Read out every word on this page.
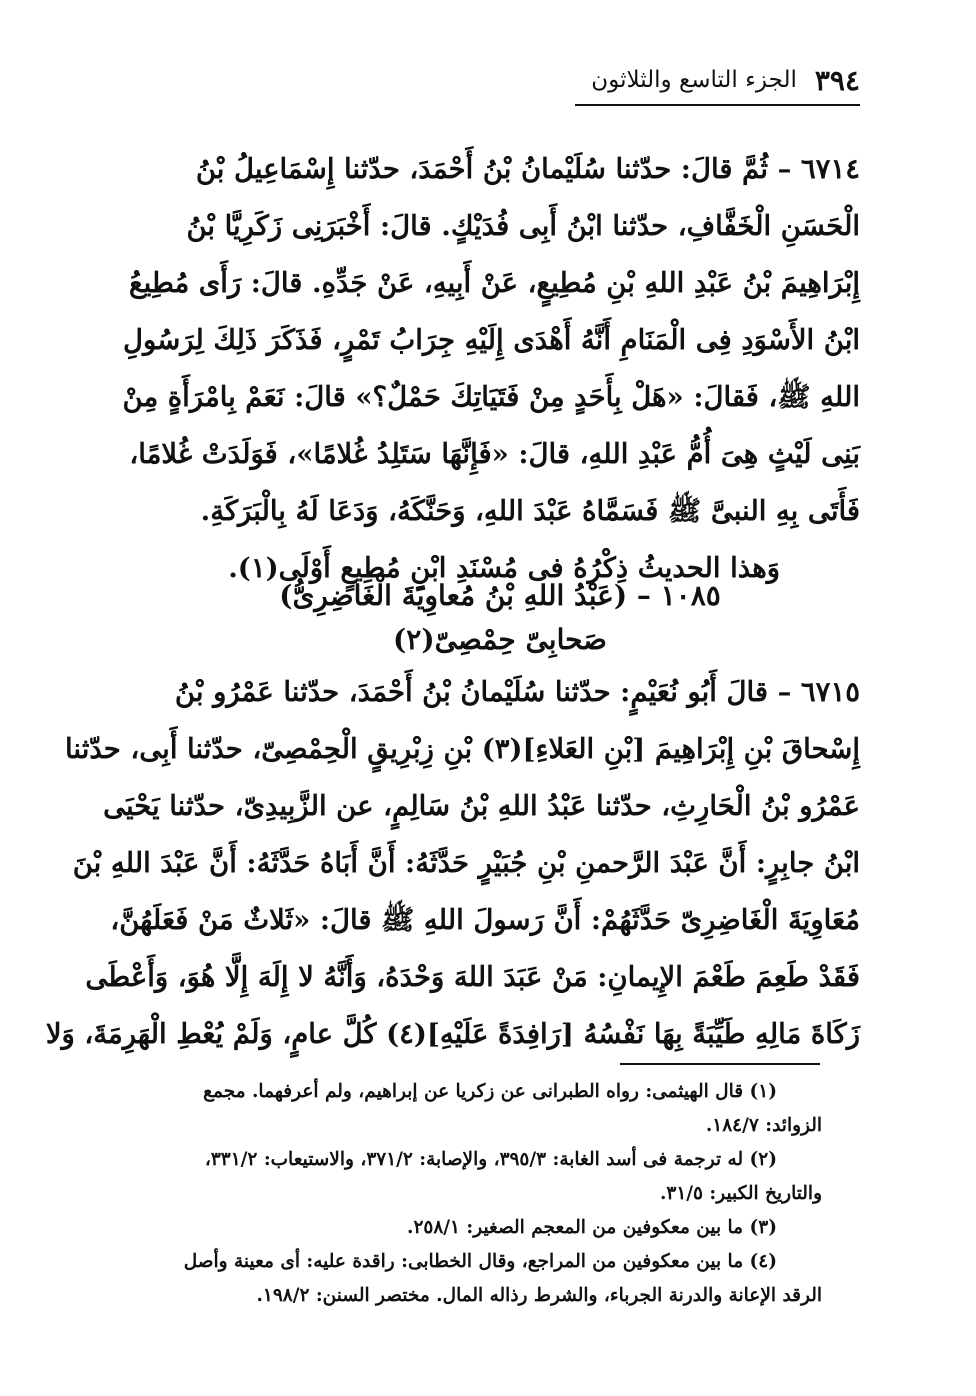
٣٩٤
الجزء التاسع والثلاثون
٦٧١٤ – ثُمَّ قالَ: حدّثنا سُلَيْمانُ بْنُ أَحْمَدَ، حدّثنا إِسْمَاعِيلُ بْنُ
الْحَسَنِ الْخَفَّافِ، حدّثنا ابْنُ أَبِى فُدَيْكٍ. قالَ: أَخْبَرَنِى زَكَرِيَّا بْنُ
إِبْرَاهِيمَ بْنُ عَبْدِ اللهِ بْنِ مُطِيعٍ، عَنْ أَبِيهِ، عَنْ جَدِّهِ. قالَ: رَأَى مُطِيعُ
ابْنُ الأَسْوَدِ فِى الْمَنَامِ أَنَّهُ أَهْدَى إِلَيْهِ جِرَابُ تَمْرٍ، فَذَكَرَ ذَلِكَ لِرَسُولِ
اللهِ ﷺ، فَقالَ: «هَلْ بِأَحَدٍ مِنْ فَتَيَاتِكَ حَمْلٌ؟» قالَ: نَعَمْ بِامْرَأَةٍ مِنْ
بَنِى لَيْثٍ هِىَ أُمُّ عَبْدِ اللهِ، قالَ: «فَإِنَّهَا سَتَلِدُ غُلامًا»، فَوَلَدَتْ غُلامًا،
فَأَتَى بِهِ النبىَّ ﷺ فَسَمَّاهُ عَبْدَ اللهِ، وَحَنَّكَهُ، وَدَعَا لَهُ بِالْبَرَكَةِ.
وَهذا الحديثُ ذِكْرُهُ فى مُسْنَدِ ابْنِ مُطِيعٍ أَوْلَى(١).
١٠٨٥ – (عَبْدُ اللهِ بْنُ مُعاوِيَةَ الْغَاضِرِىُّ)
صَحابِىّ حِمْصِىّ(٢)
٦٧١٥ – قالَ أَبُو نُعَيْمٍ: حدّثنا سُلَيْمانُ بْنُ أَحْمَدَ، حدّثنا عَمْرُو بْنُ
إِسْحاقَ بْنِ إِبْرَاهِيمَ [بْنِ العَلاءِ](٣) بْنِ زِبْرِيقٍ الْحِمْصِىّ، حدّثنا أَبِى، حدّثنا
عَمْرُو بْنُ الْحَارِثِ، حدّثنا عَبْدُ اللهِ بْنُ سَالِمٍ، عن الزَّبِيدِىّ، حدّثنا يَحْيَى
ابْنُ جابِرٍ: أَنَّ عَبْدَ الرَّحمنِ بْنِ جُبَيْرٍ حَدَّثَهُ: أَنَّ أَبَاهُ حَدَّثَهُ: أَنَّ عَبْدَ اللهِ بْنَ
مُعَاوِيَةَ الْغَاضِرِىّ حَدَّثَهُمْ: أَنَّ رَسولَ اللهِ ﷺ قالَ: «ثَلاثٌ مَنْ فَعَلَهُنَّ،
فَقَدْ طَعِمَ طَعْمَ الإِيمانِ: مَنْ عَبَدَ اللهَ وَحْدَهُ، وَأَنَّهُ لا إِلَهَ إِلَّا هُوَ، وَأَعْطَى
زَكَاةَ مَالِهِ طَيِّبَةً بِهَا نَفْسُهُ [رَافِدَةً عَلَيْهِ](٤) كُلَّ عامٍ، وَلَمْ يُعْطِ الْهَرِمَةَ، وَلا
(١) قال الهيثمى: رواه الطبرانى عن زكريا عن إبراهيم، ولم أعرفهما. مجمع
الزوائد: ١٨٤/٧.
(٢) له ترجمة فى أسد الغابة: ٣٩٥/٣، والإصابة: ٣٧١/٢، والاستيعاب: ٣٣١/٢،
والتاريخ الكبير: ٣١/٥.
(٣) ما بين معكوفين من المعجم الصغير: ٢٥٨/١.
(٤) ما بين معكوفين من المراجع، وقال الخطابى: راقدة عليه: أى معينة وأصل
الرقد الإعانة والدرنة الجرباء، والشرط رذاله المال. مختصر السنن: ١٩٨/٢.
